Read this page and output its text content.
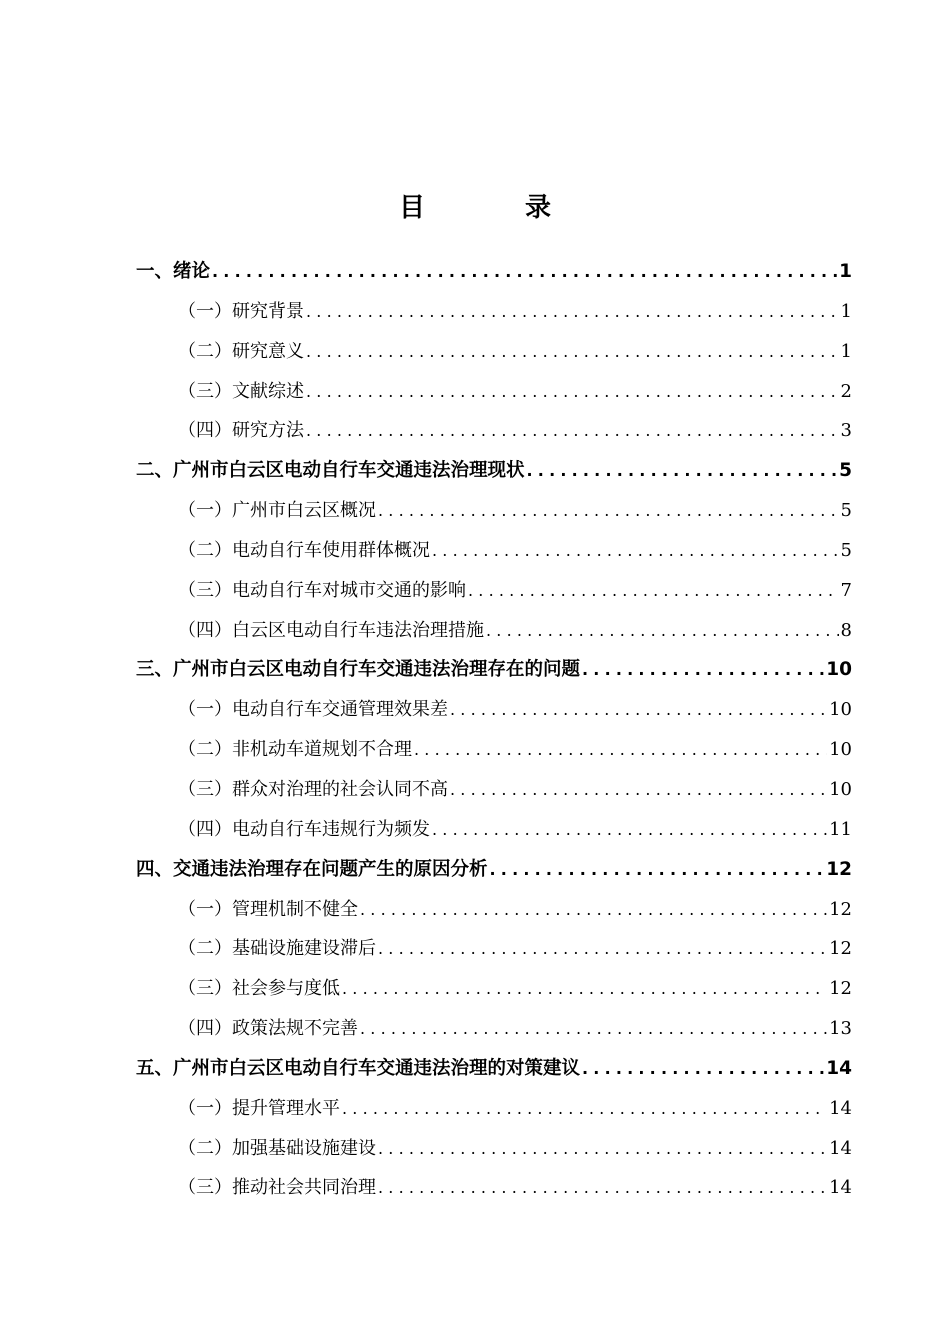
目	录
一、绪论 .....	1
（一）研究背景 .....	1
（二）研究意义 .....	1
（三）文献综述 .....	2
（四）研究方法 .....	3
二、广州市白云区电动自行车交通违法治理现状 .....	5
（一）广州市白云区概况 .....	5
（二）电动自行车使用群体概况 .....	5
（三）电动自行车对城市交通的影响 .....	7
（四）白云区电动自行车违法治理措施 .....	8
三、广州市白云区电动自行车交通违法治理存在的问题 .....	10
（一）电动自行车交通管理效果差 .....	10
（二）非机动车道规划不合理 .....	10
（三）群众对治理的社会认同不高 .....	10
（四）电动自行车违规行为频发 .....	11
四、交通违法治理存在问题产生的原因分析 .....	12
（一）管理机制不健全 .....	12
（二）基础设施建设滞后 .....	12
（三）社会参与度低 .....	12
（四）政策法规不完善 .....	13
五、广州市白云区电动自行车交通违法治理的对策建议 .....	14
（一）提升管理水平 .....	14
（二）加强基础设施建设 .....	14
（三）推动社会共同治理 .....	14
